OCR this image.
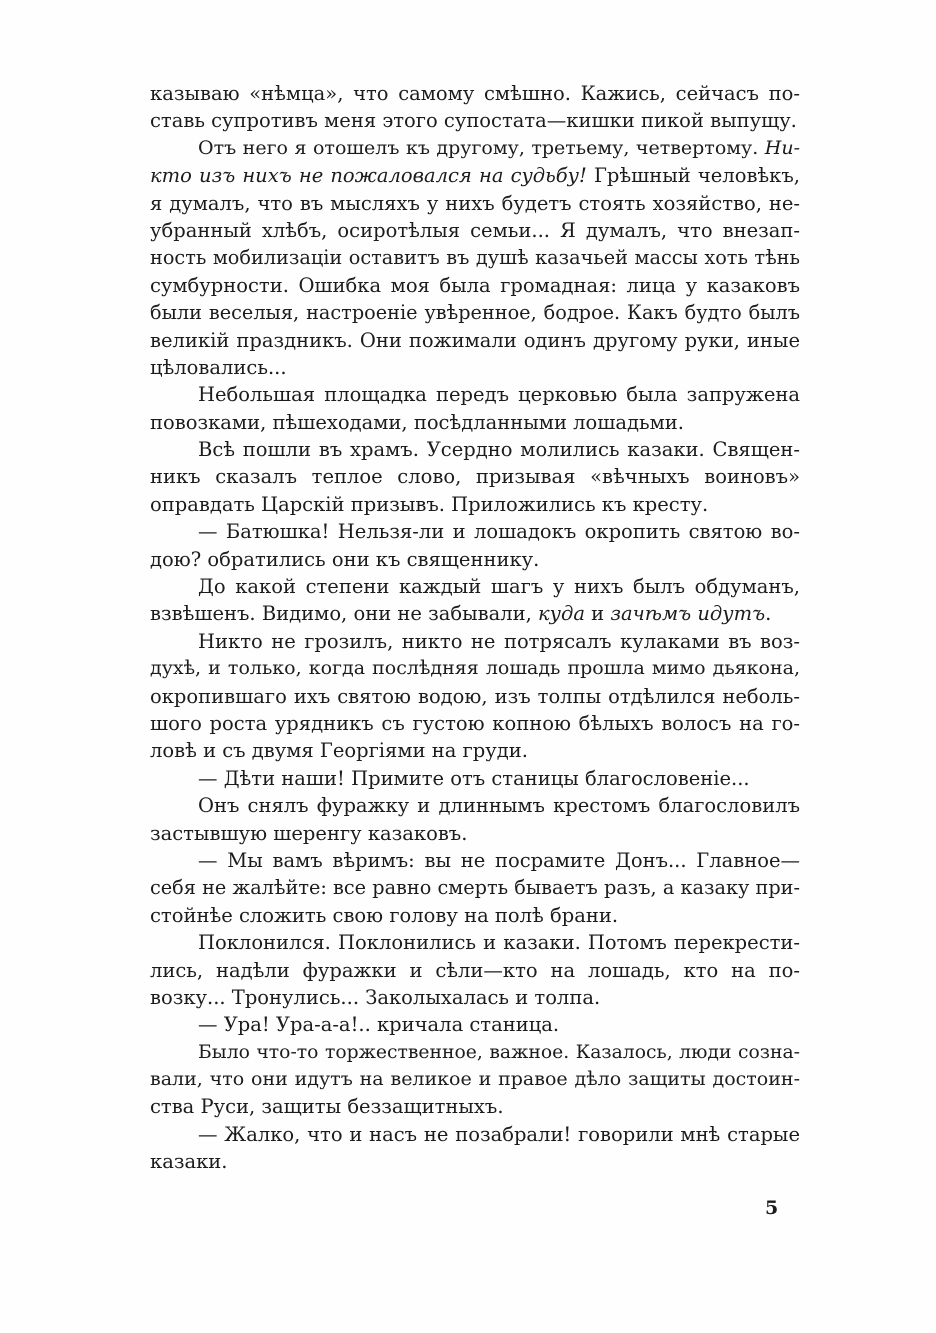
казываю «нѣмца», что самому смѣшно. Кажись, сейчасъ по-
ставь супротивъ меня этого супостата—кишки пикой выпущу.
Отъ него я отошелъ къ другому, третьему, четвертому. Ни-
кто изъ нихъ не пожаловался на судьбу! Грѣшный человѣкъ,
я думалъ, что въ мысляхъ у нихъ будетъ стоять хозяйство, не-
убранный хлѣбъ, осиротѣлыя семьи... Я думалъ, что внезап-
ность мобилизаціи оставитъ въ душѣ казачьей массы хоть тѣнь
сумбурности. Ошибка моя была громадная: лица у казаковъ
были веселыя, настроеніе увѣренное, бодрое. Какъ будто былъ
великій праздникъ. Они пожимали одинъ другому руки, иные
цѣловались...
Небольшая площадка передъ церковью была запружена
повозками, пѣшеходами, посѣдланными лошадьми.
Всѣ пошли въ храмъ. Усердно молились казаки. Священ-
никъ сказалъ теплое слово, призывая «вѣчныхъ воиновъ»
оправдать Царскій призывъ. Приложились къ кресту.
— Батюшка! Нельзя-ли и лошадокъ окропить святою во-
дою? обратились они къ священнику.
До какой степени каждый шагъ у нихъ былъ обдуманъ,
взвѣшенъ. Видимо, они не забывали, куда и зачѣмъ идутъ.
Никто не грозилъ, никто не потрясалъ кулаками въ воз-
духѣ, и только, когда послѣдняя лошадь прошла мимо дьякона,
окропившаго ихъ святою водою, изъ толпы отдѣлился неболь-
шого роста урядникъ съ густою копною бѣлыхъ волосъ на го-
ловѣ и съ двумя Георгіями на груди.
— Дѣти наши! Примите отъ станицы благословеніе...
Онъ снялъ фуражку и длиннымъ крестомъ благословилъ
застывшую шеренгу казаковъ.
— Мы вамъ вѣримъ: вы не посрамите Донъ... Главное—
себя не жалѣйте: все равно смерть бываетъ разъ, а казаку при-
стойнѣе сложить свою голову на полѣ брани.
Поклонился. Поклонились и казаки. Потомъ перекрести-
лись, надѣли фуражки и сѣли—кто на лошадь, кто на по-
возку... Тронулись... Заколыхалась и толпа.
— Ура! Ура-а-а!.. кричала станица.
Было что-то торжественное, важное. Казалось, люди созна-
вали, что они идутъ на великое и правое дѣло защиты достоин-
ства Руси, защиты беззащитныхъ.
— Жалко, что и насъ не позабрали! говорили мнѣ старые
казаки.
5
